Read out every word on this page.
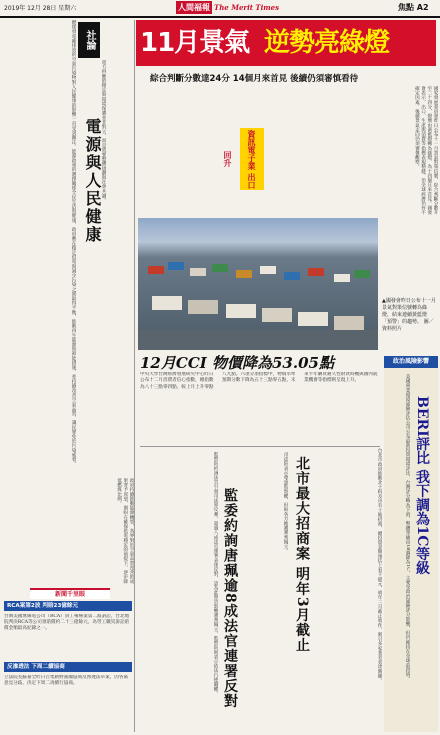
2019年 12月 28日 星期六	人間福報 The Merit Times	焦點 A2
燃煤發電廠排放的空氣污染物對人民健康的影響一直受到關注。能源政策的選擇關係全民生活與健康，政府應在穩定供電與減少污染之間取得平衡，推動再生能源與節能措施，並持續改善空氣品質，讓民眾免於污染威脅。 社論
電源與人民健康 電力供應的穩定與環境保護並非對立，而是需要整體規劃與社會共識。
11月景氣 逆勢亮綠燈
綜合判斷分數達24分 14個月來首見 後續仍須審慎看待
國家發展委員會昨日公布十一月景氣對策信號，綜合判斷分數升至二十四分，燈號由黃藍燈轉為綠燈，為十四個月來首見。國發會表示，出口、生產與消費等指標表現穩健，但全球經濟仍有不確定因素，後續景氣走向仍須審慎觀察。
資訊電子業 出口 回升
▲國發會昨日公布十一月景氣對策信號轉為綠燈，結束連續黃藍燈「預警」的趨勢。 圖／資料照片
12月CCI 物價降為53.05點
中央大學台灣經濟發展研究中心昨日公布十二月消費者信心指數，總指數為八十三點零四點，較上月上升零點八九點。六項分項指標中，物價水準預期分數下降為五十三點零五點，未來半年購買耐久性財貨時機與國內就業機會等指標則呈現上升。
政治風險影響
BERI評比 我下調為1C等級
美國商業環境風險評估公司公布最新投資環境評比，台灣評分略為下滑，整體等級由1B調降為1C，主要受政治風險評分影響，但仍維持在全球前段班。
台北市政府推動北士科及市有土地招商，總投資金額預估上看千億元，明年三月截止收件，吸引多家業者表達興趣。
北市最大招商案 明年3月截止
司法院表示尊重監察權，但盼各方維護審判獨立。
監委約詢唐珮逾8成法官連署反對
監察院約詢法官引發司法界反彈，超過八成法官連署表達反對，認為此舉恐影響審判獨立，監察院則表示依法行使職權。
政府持續推動能源轉型，各界對於空氣品質改善的成果寄予厚望，期盼在確保供電穩定的前提下，逐步降低燃煤比例。
新聞千里眼
RCA案第2波 判賠23億餘元
台灣美國無線電公司（RCA）員工罹癌案第二波訴訟，台北地院判決RCA等公司須賠償約二十三億餘元，為勞工職災訴訟賠償金額最高紀錄之一。
反滲透法 下周二續協商
立法院長蘇嘉全昨日召集朝野黨團協商反滲透法草案，因各黨意見分歧，決定下周二再續行協商。
